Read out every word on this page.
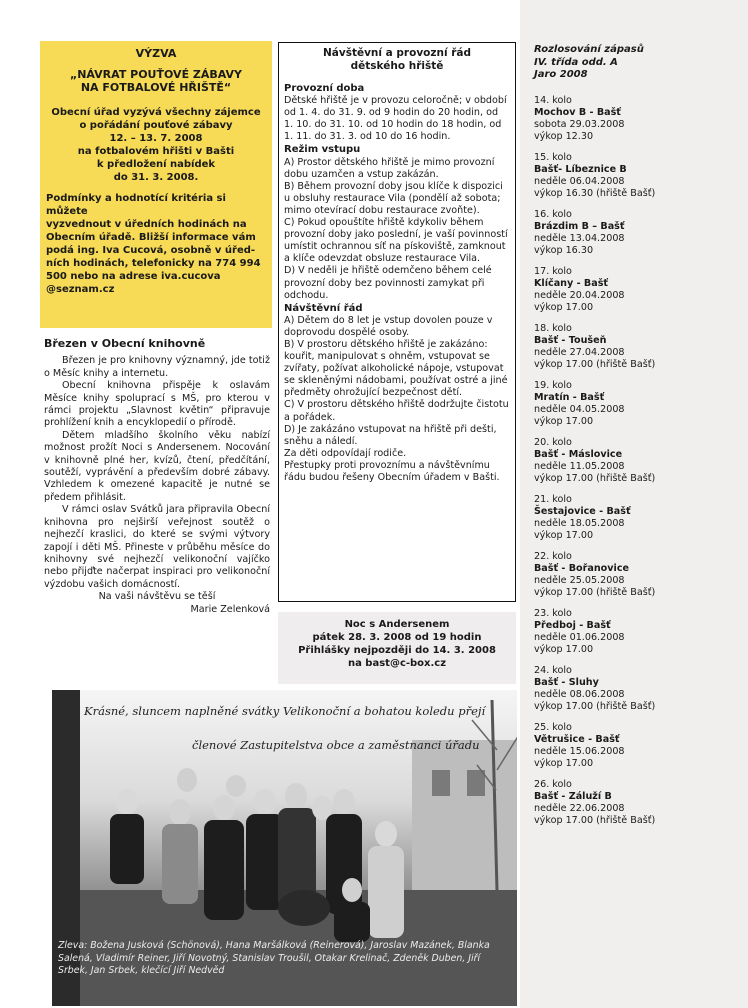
VÝZVA
„NÁVRAT POUŤOVÉ ZÁBAVY
NA FOTBALOVÉ HŘIŠTĚ“
Obecní úřad vyzývá všechny zájemce
o pořádání pouťové zábavy
12. – 13. 7. 2008
na fotbalovém hřišti v Bašti
k předložení nabídek
do 31. 3. 2008.
Podmínky a hodnotící kritéria si můžete
vyzvednout v úředních hodinách na
Obecním úřadě. Bližší informace vám
podá ing. Iva Cucová, osobně v úřed-
ních hodinách, telefonicky na 774 994
500 nebo na adrese iva.cucova
@seznam.cz
Březen v Obecní knihovně

Březen je pro knihovny významný, jde totiž o Měsíc knihy a internetu.

Obecní knihovna přispěje k oslavám Měsíce knihy spoluprací s MŠ, pro kterou v rámci projektu „Slavnost květin“ připravuje prohlížení knih a encyklopedií o přírodě.

Dětem mladšího školního věku nabízí možnost prožít Noci s Andersenem. Nocování v knihovně plné her, kvízů, čtení, předčítání, soutěží, vyprávění a především dobré zábavy. Vzhledem k omezené kapacitě je nutné se předem přihlásit.

V rámci oslav Svátků jara připravila Obecní knihovna pro nejširší veřejnost soutěž o nejhezčí kraslici, do které se svými výtvory zapojí i děti MŠ. Přineste v průběhu měsíce do knihovny své nejhezčí velikonoční vajíčko nebo přijďte načerpat inspiraci pro velikonoční výzdobu vašich domácností.

Na vaši návštěvu se těší

Marie Zelenková

Návštěvní a provozní řád
dětského hřiště
Provozní doba

Dětské hřiště je v provozu celoročně; v období od 1. 4. do 31. 9. od 9 hodin do 20 hodin, od 1. 10. do 31. 10. od 10 hodin do 18 hodin, od 1. 11. do 31. 3. od 10 do 16 hodin.

Režim vstupu

A) Prostor dětského hřiště je mimo provozní dobu uzamčen a vstup zakázán.

B) Během provozní doby jsou klíče k dispozici u obsluhy restaurace Vila (pondělí až sobota; mimo otevírací dobu restaurace zvoňte).

C) Pokud opouštíte hřiště kdykoliv během provozní doby jako poslední, je vaší povinností umístit ochrannou síť na pískoviště, zamknout a klíče odevzdat obsluze restaurace Vila.

D) V neděli je hřiště odemčeno během celé provozní doby bez povinnosti zamykat při odchodu.

Návštěvní řád

A) Dětem do 8 let je vstup dovolen pouze v doprovodu dospělé osoby.

B) V prostoru dětského hřiště je zakázáno: kouřit, manipulovat s ohněm, vstupovat se zvířaty, požívat alkoholické nápoje, vstupovat se skleněnými nádobami, používat ostré a jiné předměty ohrožující bezpečnost dětí.

C) V prostoru dětského hřiště dodržujte čistotu a pořádek.

D) Je zakázáno vstupovat na hřiště při dešti, sněhu a náledí.

Za děti odpovídají rodiče.

Přestupky proti provoznímu a návštěvnímu řádu budou řešeny Obecním úřadem v Bašti.

Noc s Andersenem
pátek 28. 3. 2008 od 19 hodin
Přihlášky nejpozději do 14. 3. 2008
na bast@c-box.cz
Rozlosování zápasů
IV. třída odd. A
Jaro 2008
14. kolo
Mochov B - Bašť
sobota 29.03.2008
výkop 12.30
15. kolo
Bašť- Líbeznice B
neděle 06.04.2008
výkop 16.30 (hřiště Bašť)
16. kolo
Brázdim B – Bašť
neděle 13.04.2008
výkop 16.30
17. kolo
Klíčany - Bašť
neděle 20.04.2008
výkop 17.00
18. kolo
Bašť - Toušeň
neděle 27.04.2008
výkop 17.00 (hřiště Bašť)
19. kolo
Mratín - Bašť
neděle 04.05.2008
výkop 17.00
20. kolo
Bašť - Máslovice
neděle 11.05.2008
výkop 17.00 (hřiště Bašť)
21. kolo
Šestajovice - Bašť
neděle 18.05.2008
výkop 17.00
22. kolo
Bašť - Bořanovice
neděle 25.05.2008
výkop 17.00 (hřiště Bašť)
23. kolo
Předboj - Bašť
neděle 01.06.2008
výkop 17.00
24. kolo
Bašť - Sluhy
neděle 08.06.2008
výkop 17.00 (hřiště Bašť)
25. kolo
Větrušice - Bašť
neděle 15.06.2008
výkop 17.00
26. kolo
Bašť - Záluží B
neděle 22.06.2008
výkop 17.00 (hřiště Bašť)
Krásné, sluncem naplněné svátky Velikonoční a bohatou koledu přejí
členové Zastupitelstva obce a zaměstnanci úřadu
Zleva: Božena Jusková (Schönová), Hana Maršálková (Reinerová), Jaroslav Mazánek, Blanka Salená, Vladimír Reiner, Jiří Novotný, Stanislav Troušil, Otakar Krelinač, Zdeněk Duben, Jiří Srbek, Jan Srbek, klečící Jiří Nedvěd
